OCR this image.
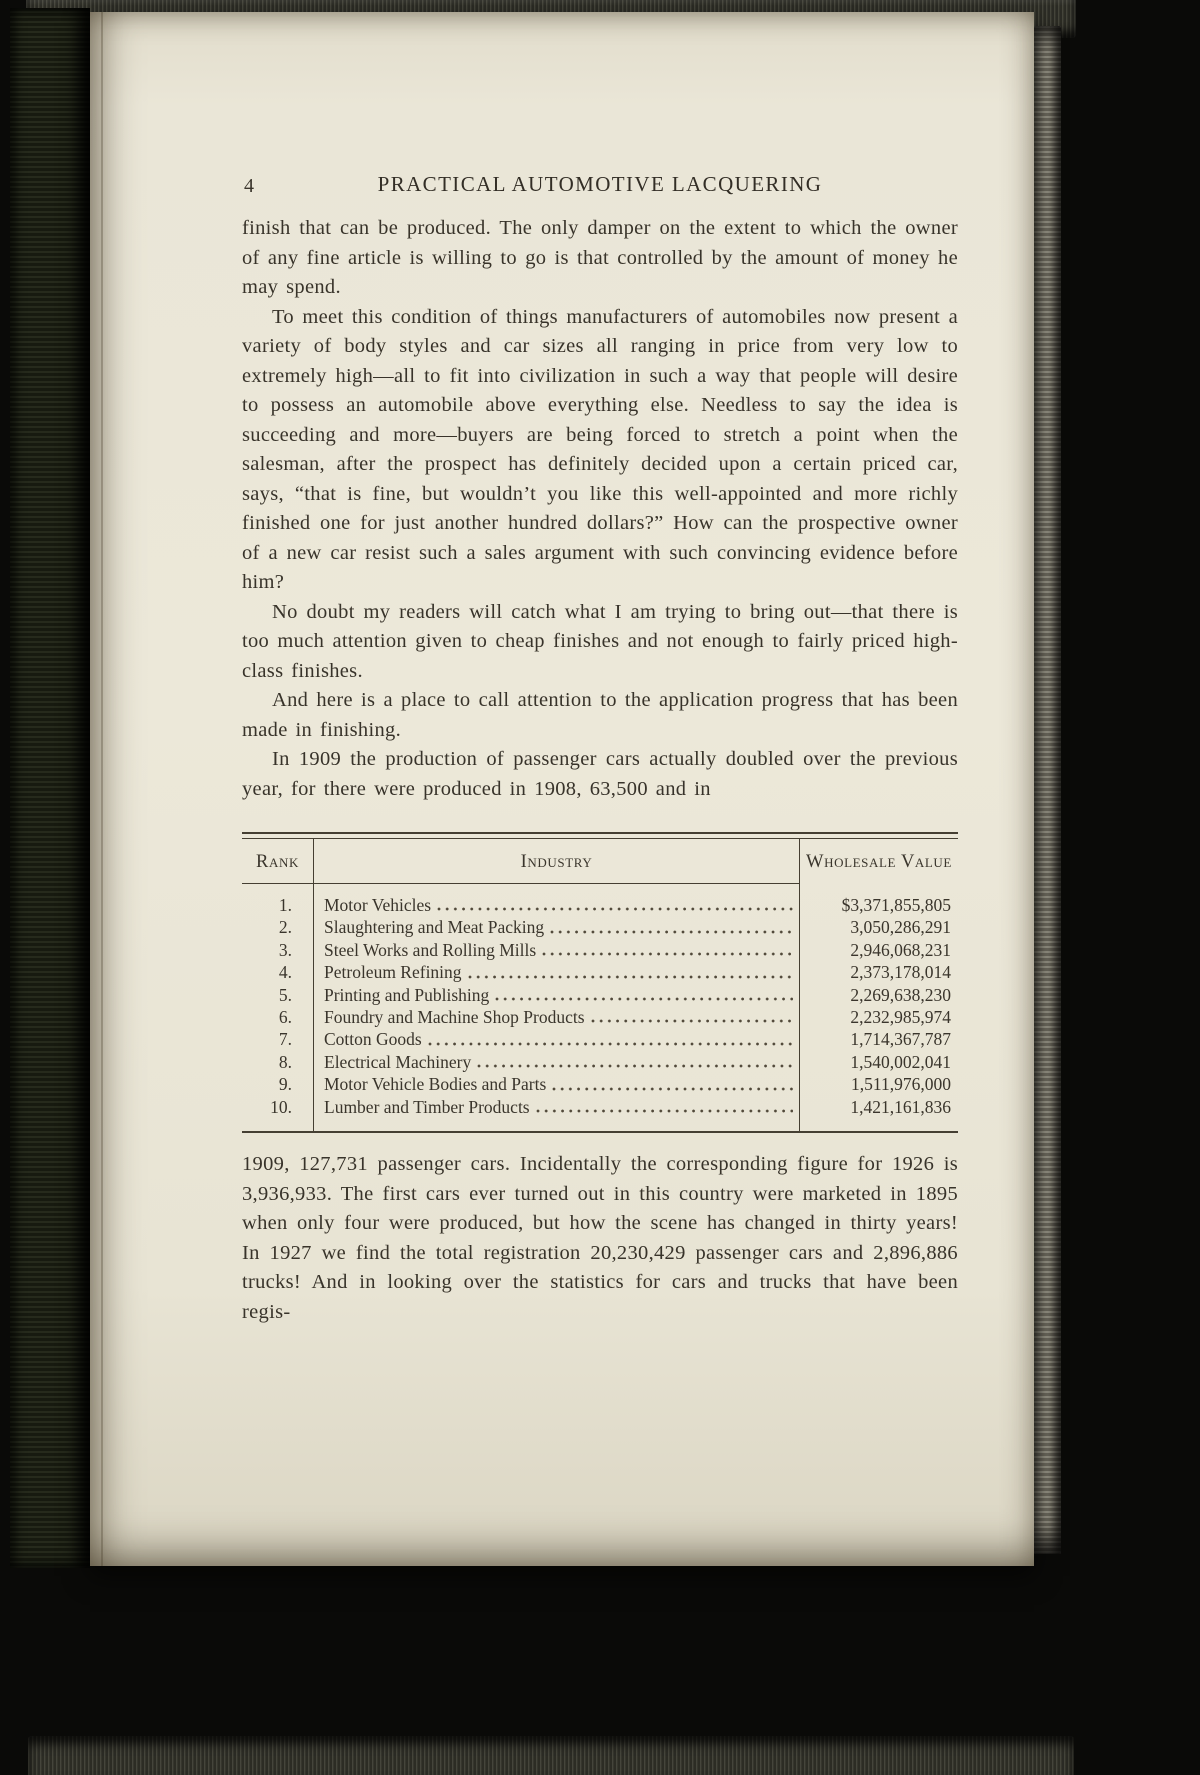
4	PRACTICAL AUTOMOTIVE LACQUERING

finish that can be produced. The only damper on the extent to which the owner of any fine article is willing to go is that controlled by the amount of money he may spend.

To meet this condition of things manufacturers of automobiles now present a variety of body styles and car sizes all ranging in price from very low to extremely high—all to fit into civilization in such a way that people will desire to possess an automobile above everything else. Needless to say the idea is succeeding and more—buyers are being forced to stretch a point when the salesman, after the prospect has definitely decided upon a certain priced car, says, “that is fine, but wouldn’t you like this well-appointed and more richly finished one for just another hundred dollars?” How can the prospective owner of a new car resist such a sales argument with such convincing evidence before him?

No doubt my readers will catch what I am trying to bring out—that there is too much attention given to cheap finishes and not enough to fairly priced high-class finishes.

And here is a place to call attention to the application progress that has been made in finishing.

In 1909 the production of passenger cars actually doubled over the previous year, for there were produced in 1908, 63,500 and in

Rank	Industry	Wholesale Value
1.	Motor Vehicles	$3,371,855,805
2.	Slaughtering and Meat Packing	3,050,286,291
3.	Steel Works and Rolling Mills	2,946,068,231
4.	Petroleum Refining	2,373,178,014
5.	Printing and Publishing	2,269,638,230
6.	Foundry and Machine Shop Products	2,232,985,974
7.	Cotton Goods	1,714,367,787
8.	Electrical Machinery	1,540,002,041
9.	Motor Vehicle Bodies and Parts	1,511,976,000
10.	Lumber and Timber Products	1,421,161,836

1909, 127,731 passenger cars. Incidentally the corresponding figure for 1926 is 3,936,933. The first cars ever turned out in this country were marketed in 1895 when only four were produced, but how the scene has changed in thirty years! In 1927 we find the total registration 20,230,429 passenger cars and 2,896,886 trucks! And in looking over the statistics for cars and trucks that have been regis-
